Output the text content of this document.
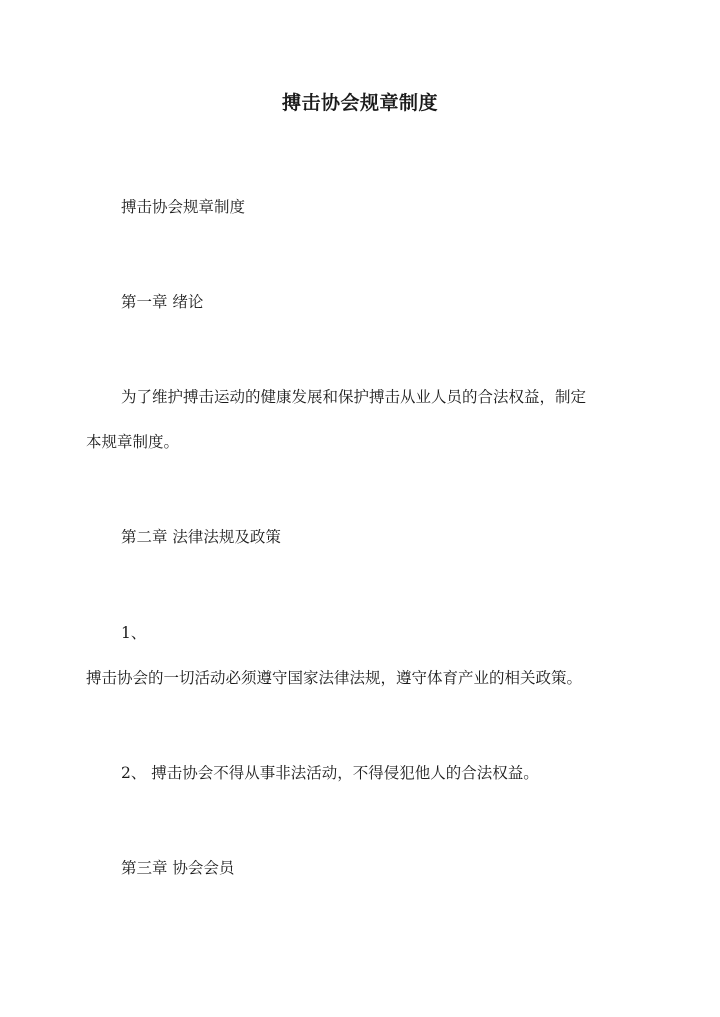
搏击协会规章制度
搏击协会规章制度
第一章 绪论
为了维护搏击运动的健康发展和保护搏击从业人员的合法权益，制定
本规章制度。
第二章 法律法规及政策
1、
搏击协会的一切活动必须遵守国家法律法规，遵守体育产业的相关政策。
2、 搏击协会不得从事非法活动，不得侵犯他人的合法权益。
第三章 协会会员
